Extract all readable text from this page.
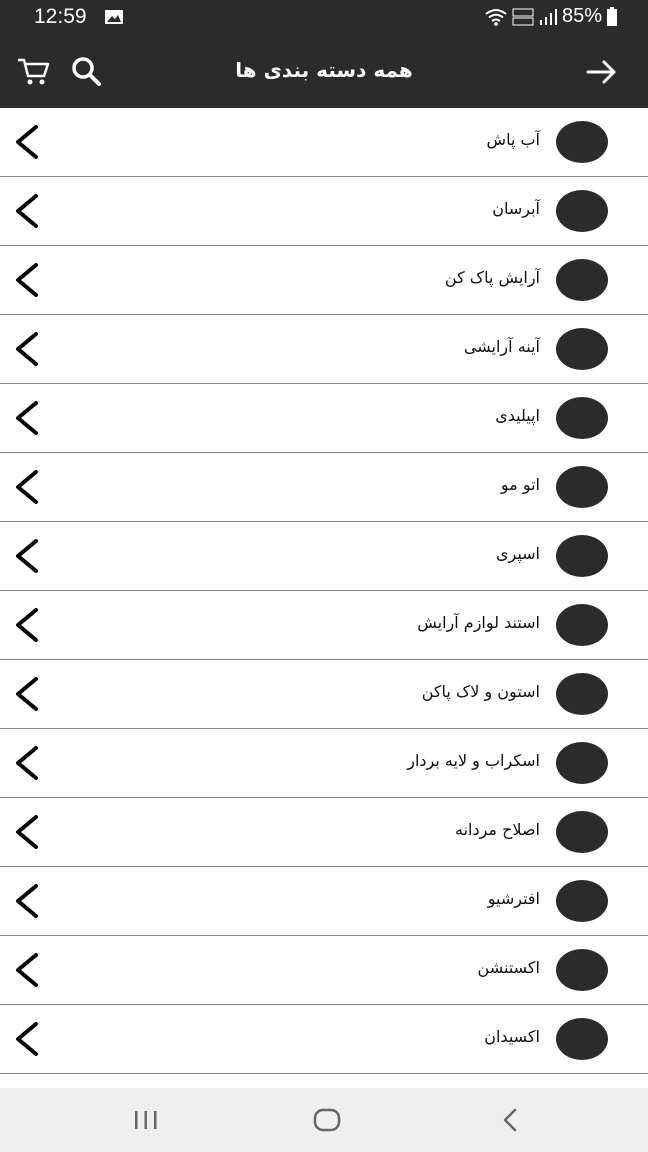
12:59	85%
همه دسته بندی ها
آب پاش
آبرسان
آرایش پاک کن
آینه آرایشی
اپیلیدی
اتو مو
اسپری
استند لوازم آرایش
استون و لاک پاکن
اسکراب و لایه بردار
اصلاح مردانه
افترشیو
اکستنشن
اکسیدان
